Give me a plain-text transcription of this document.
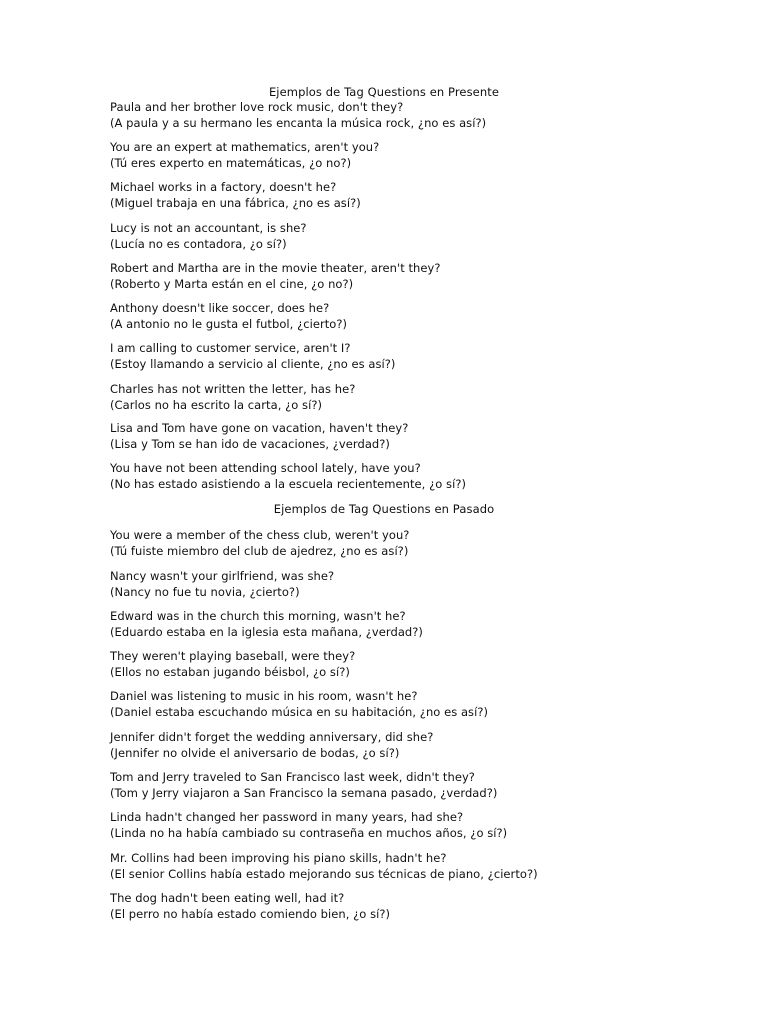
Ejemplos de Tag Questions en Presente
Paula and her brother love rock music, don't they?
(A paula y a su hermano les encanta la música rock, ¿no es así?)
You are an expert at mathematics, aren't you?
(Tú eres experto en matemáticas, ¿o no?)
Michael works in a factory, doesn't he?
(Miguel trabaja en una fábrica, ¿no es así?)
Lucy is not an accountant, is she?
(Lucía no es contadora, ¿o sí?)
Robert and Martha are in the movie theater, aren't they?
(Roberto y Marta están en el cine, ¿o no?)
Anthony doesn't like soccer, does he?
(A antonio no le gusta el futbol, ¿cierto?)
I am calling to customer service, aren't I?
(Estoy llamando a servicio al cliente, ¿no es así?)
Charles has not written the letter, has he?
(Carlos no ha escrito la carta, ¿o sí?)
Lisa and Tom have gone on vacation, haven't they?
(Lisa y Tom se han ido de vacaciones, ¿verdad?)
You have not been attending school lately, have you?
(No has estado asistiendo a la escuela recientemente, ¿o sí?)
Ejemplos de Tag Questions en Pasado
You were a member of the chess club, weren't you?
(Tú fuiste miembro del club de ajedrez, ¿no es así?)
Nancy wasn't your girlfriend, was she?
(Nancy no fue tu novia, ¿cierto?)
Edward was in the church this morning, wasn't he?
(Eduardo estaba en la iglesia esta mañana, ¿verdad?)
They weren't playing baseball, were they?
(Ellos no estaban jugando béisbol, ¿o sí?)
Daniel was listening to music in his room, wasn't he?
(Daniel estaba escuchando música en su habitación, ¿no es así?)
Jennifer didn't forget the wedding anniversary, did she?
(Jennifer no olvide el aniversario de bodas, ¿o sí?)
Tom and Jerry traveled to San Francisco last week, didn't they?
(Tom y Jerry viajaron a San Francisco la semana pasado, ¿verdad?)
Linda hadn't changed her password in many years, had she?
(Linda no ha había cambiado su contraseña en muchos años, ¿o sí?)
Mr. Collins had been improving his piano skills, hadn't he?
(El senior Collins había estado mejorando sus técnicas de piano, ¿cierto?)
The dog hadn't been eating well, had it?
(El perro no había estado comiendo bien, ¿o sí?)
